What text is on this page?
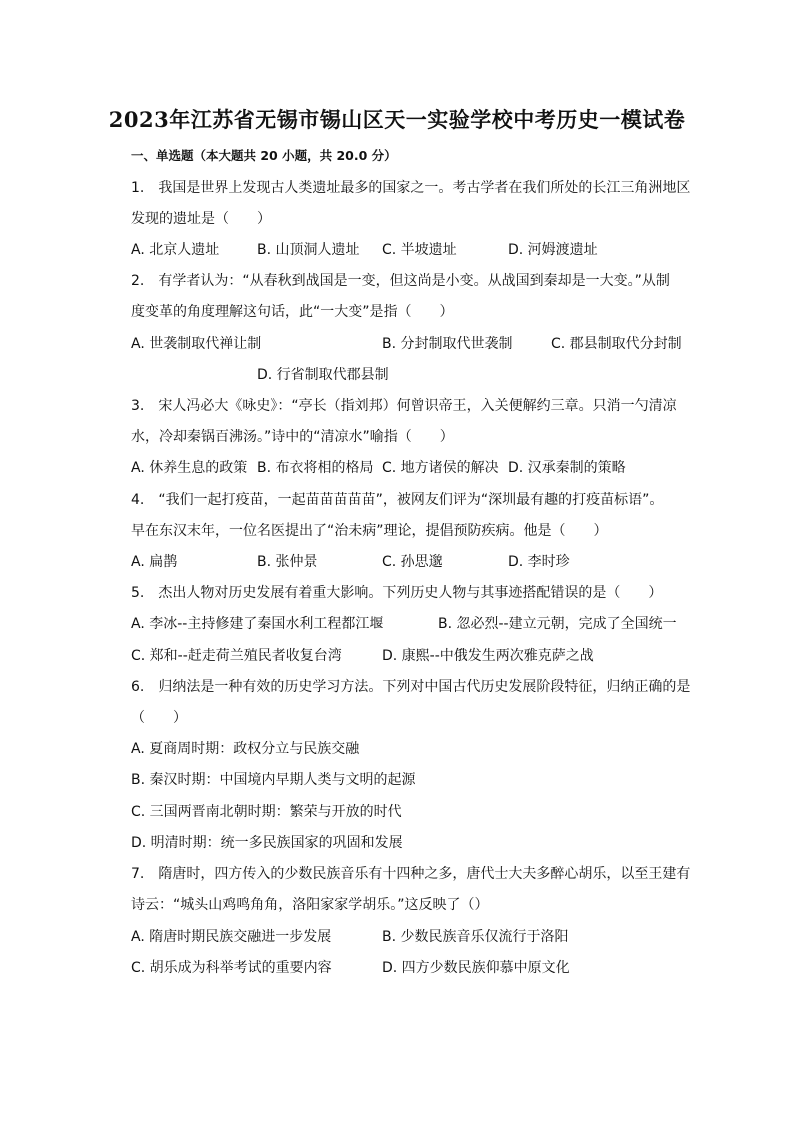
2023年江苏省无锡市锡山区天一实验学校中考历史一模试卷
一、单选题（本大题共 20 小题，共 20.0 分）
1.　我国是世界上发现古人类遗址最多的国家之一。考古学者在我们所处的长江三角洲地区
发现的遗址是（　　）
A. 北京人遗址	B. 山顶洞人遗址 C. 半坡遗址	D. 河姆渡遗址
2.　有学者认为：“从春秋到战国是一变，但这尚是小变。从战国到秦却是一大变。”从制
度变革的角度理解这句话，此“一大变”是指（　　）
A. 世袭制取代禅让制	B. 分封制取代世袭制	C. 郡县制取代分封制
D. 行省制取代郡县制
3.　宋人冯必大《咏史》：“亭长（指刘邦）何曾识帝王，入关便解约三章。只消一勺清凉
水，冷却秦锅百沸汤。”诗中的“清凉水”喻指（　　）
A. 休养生息的政策 B. 布衣将相的格局 C. 地方诸侯的解决 D. 汉承秦制的策略
4.　“我们一起打疫苗，一起苗苗苗苗苗”，被网友们评为“深圳最有趣的打疫苗标语”。
早在东汉末年，一位名医提出了“治未病”理论，提倡预防疾病。他是（　　）
A. 扁鹊	B. 张仲景	C. 孙思邈	D. 李时珍
5.　杰出人物对历史发展有着重大影响。下列历史人物与其事迹搭配错误的是（　　）
A. 李冰--主持修建了秦国水利工程都江堰	B. 忽必烈--建立元朝，完成了全国统一
C. 郑和--赶走荷兰殖民者收复台湾	D. 康熙--中俄发生两次雅克萨之战
6.　归纳法是一种有效的历史学习方法。下列对中国古代历史发展阶段特征，归纳正确的是
（　　）
A. 夏商周时期：政权分立与民族交融
B. 秦汉时期：中国境内早期人类与文明的起源
C. 三国两晋南北朝时期：繁荣与开放的时代
D. 明清时期：统一多民族国家的巩固和发展
7.　隋唐时，四方传入的少数民族音乐有十四种之多，唐代士大夫多醉心胡乐，以至王建有
诗云：“城头山鸡鸣角角，洛阳家家学胡乐。”这反映了（）
A. 隋唐时期民族交融进一步发展	B. 少数民族音乐仅流行于洛阳
C. 胡乐成为科举考试的重要内容	D. 四方少数民族仰慕中原文化
